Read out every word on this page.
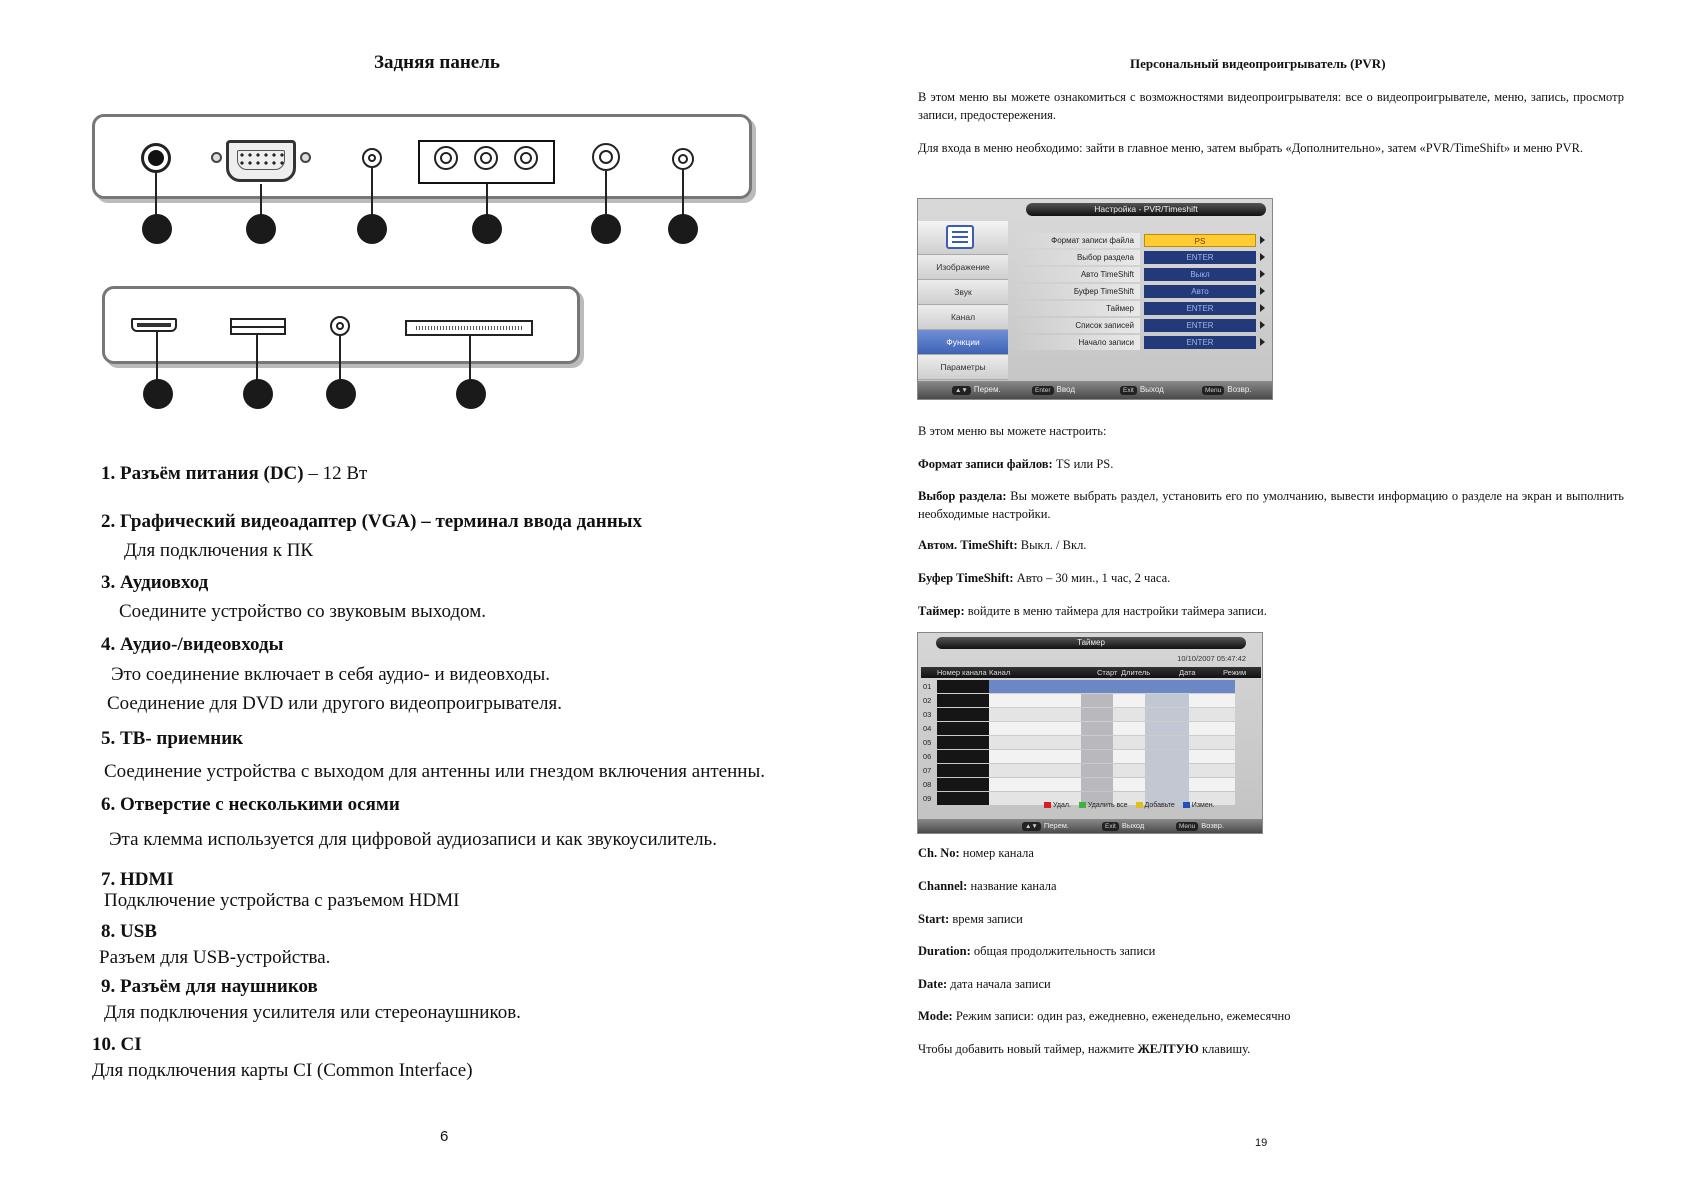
Задняя панель
1. Разъём питания (DC) – 12 Вт
2. Графический видеоадаптер (VGA) – терминал ввода данных
Для подключения к ПК
3. Аудиовход
Соедините устройство со звуковым выходом.
4. Аудио-/видеовходы
Это соединение включает в себя аудио- и видеовходы.
Соединение для DVD или другого видеопроигрывателя.
5. ТВ- приемник
Соединение устройства с выходом для антенны или гнездом включения антенны.
6. Отверстие с несколькими осями
Эта клемма используется для цифровой аудиозаписи и как звукоусилитель.
7. HDMI
Подключение устройства с разъемом HDMI
8. USB
Разъем для USB-устройства.
9. Разъём для наушников
Для подключения усилителя или стереонаушников.
10. CI
Для подключения карты CI (Common Interface)
6
Персональный видеопроигрыватель (PVR)
В этом меню вы можете ознакомиться с возможностями видеопроигрывателя: все о видеопроигрывателе, меню, запись, просмотр записи, предостережения.
Для входа в меню необходимо: зайти в главное меню, затем выбрать «Дополнительно», затем «PVR/TimeShift» и меню PVR.
Настройка - PVR/Timeshift
Изображение
Звук
Канал
Функции
Параметры
Формат записи файла	PS
Выбор раздела	ENTER
Авто TimeShift	Выкл
Буфер TimeShift	Авто
Таймер	ENTER
Список записей	ENTER
Начало записи	ENTER
▲▼ Перем.	Enter Ввод	Exit Выход	Menu Возвр.
В этом меню вы можете настроить:
Формат записи файлов: TS или PS.
Выбор раздела: Вы можете выбрать раздел, установить его по умолчанию, вывести информацию о разделе на экран и выполнить необходимые настройки.
Автом. TimeShift: Выкл. / Вкл.
Буфер TimeShift: Авто – 30 мин., 1 час, 2 часа.
Таймер: войдите в меню таймера для настройки таймера записи.
Таймер
10/10/2007 05:47:42
Номер канала Канал	Старт Длитель	Дата	Режим
01
02
03
04
05
06
07
08
09
Удал. Удалить все Добавьте Измен.
▲▼ Перем.	Exit Выход	Menu Возвр.
Ch. No: номер канала
Channel: название канала
Start: время записи
Duration: общая продолжительность записи
Date: дата начала записи
Mode: Режим записи: один раз, ежедневно, еженедельно, ежемесячно
Чтобы добавить новый таймер, нажмите ЖЕЛТУЮ клавишу.
19
